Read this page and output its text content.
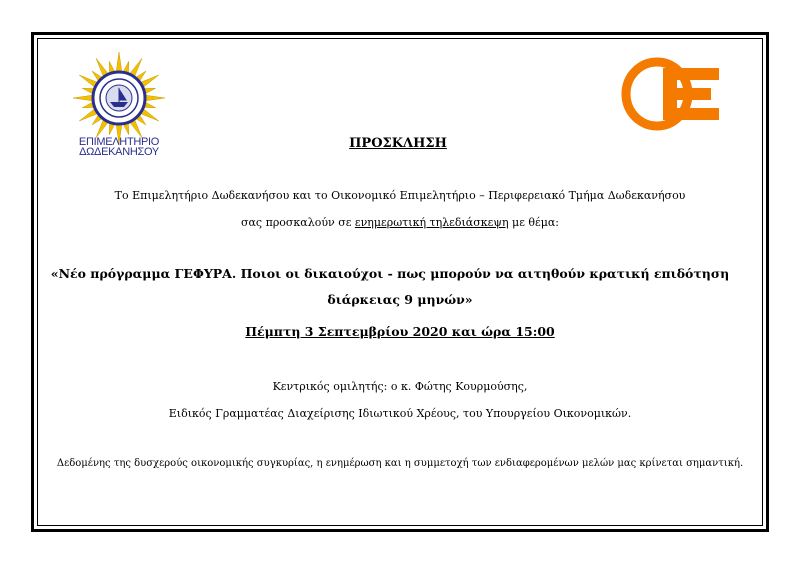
ΕΠΙΜΕΛΗΤΗΡΙΟ
ΔΩΔΕΚΑΝΗΣΟΥ
ΠΡΟΣΚΛΗΣΗ
Το Επιμελητήριο Δωδεκανήσου και το Οικονομικό Επιμελητήριο – Περιφερειακό Τμήμα Δωδεκανήσου
σας προσκαλούν σε ενημερωτική τηλεδιάσκεψη με θέμα:
«Νέο πρόγραμμα ΓΕΦΥΡΑ. Ποιοι οι δικαιούχοι - πως μπορούν να αιτηθούν κρατική επιδότηση
διάρκειας 9 μηνών»
Πέμπτη 3 Σεπτεμβρίου 2020 και ώρα 15:00
Κεντρικός ομιλητής: ο κ. Φώτης Κουρμούσης,
Ειδικός Γραμματέας Διαχείρισης Ιδιωτικού Χρέους, του Υπουργείου Οικονομικών.
Δεδομένης της δυσχερούς οικονομικής συγκυρίας, η ενημέρωση και η συμμετοχή των ενδιαφερομένων μελών μας κρίνεται σημαντική.
